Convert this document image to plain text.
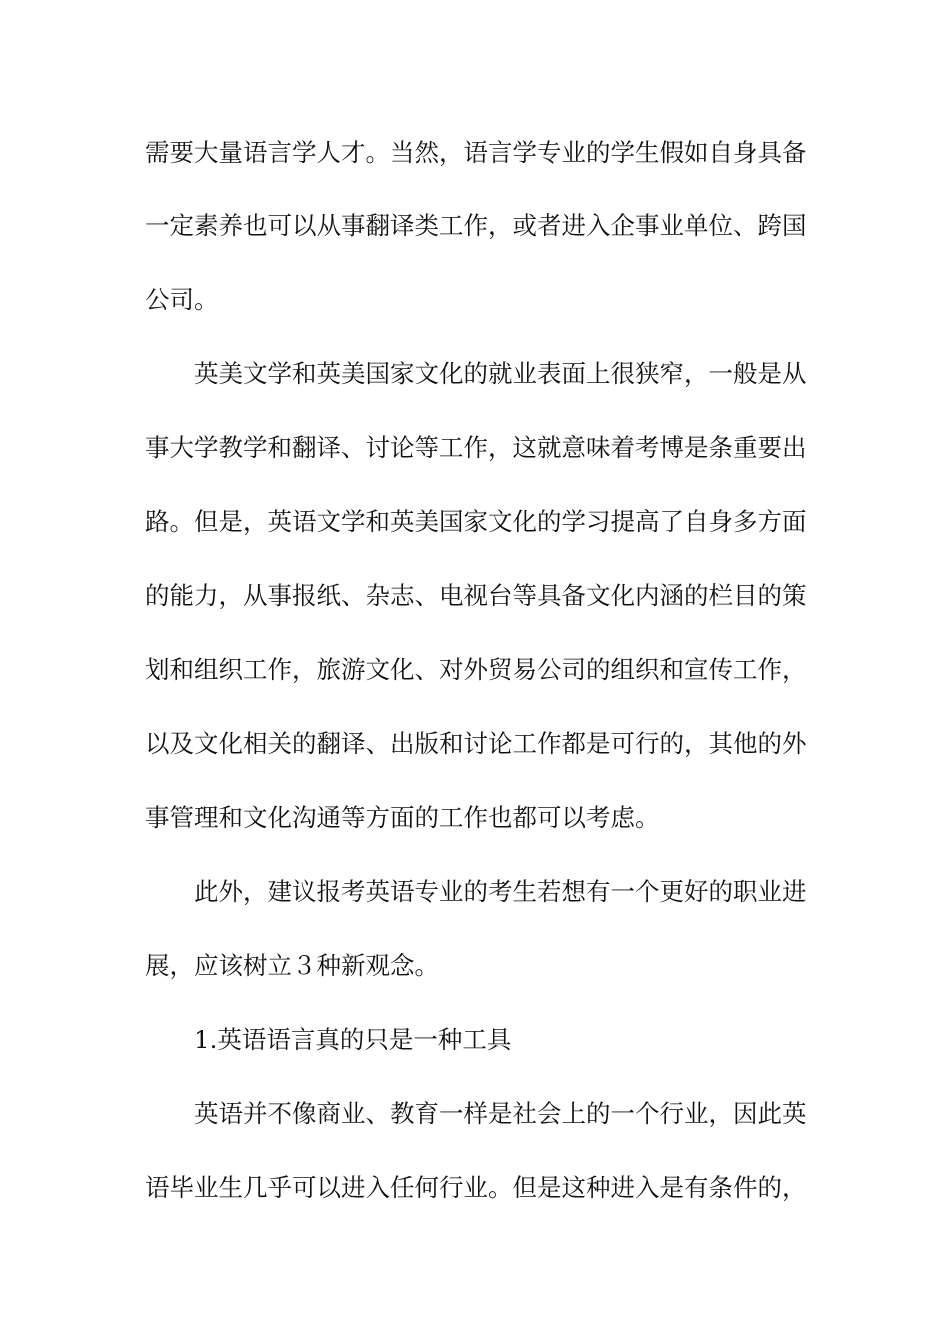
需要大量语言学人才。当然，语言学专业的学生假如自身具备

一定素养也可以从事翻译类工作，或者进入企事业单位、跨国

公司。

英美文学和英美国家文化的就业表面上很狭窄，一般是从

事大学教学和翻译、讨论等工作，这就意味着考博是条重要出

路。但是，英语文学和英美国家文化的学习提高了自身多方面

的能力，从事报纸、杂志、电视台等具备文化内涵的栏目的策

划和组织工作，旅游文化、对外贸易公司的组织和宣传工作，

以及文化相关的翻译、出版和讨论工作都是可行的，其他的外

事管理和文化沟通等方面的工作也都可以考虑。

此外，建议报考英语专业的考生若想有一个更好的职业进

展，应该树立３种新观念。

1.英语语言真的只是一种工具

英语并不像商业、教育一样是社会上的一个行业，因此英

语毕业生几乎可以进入任何行业。但是这种进入是有条件的，
